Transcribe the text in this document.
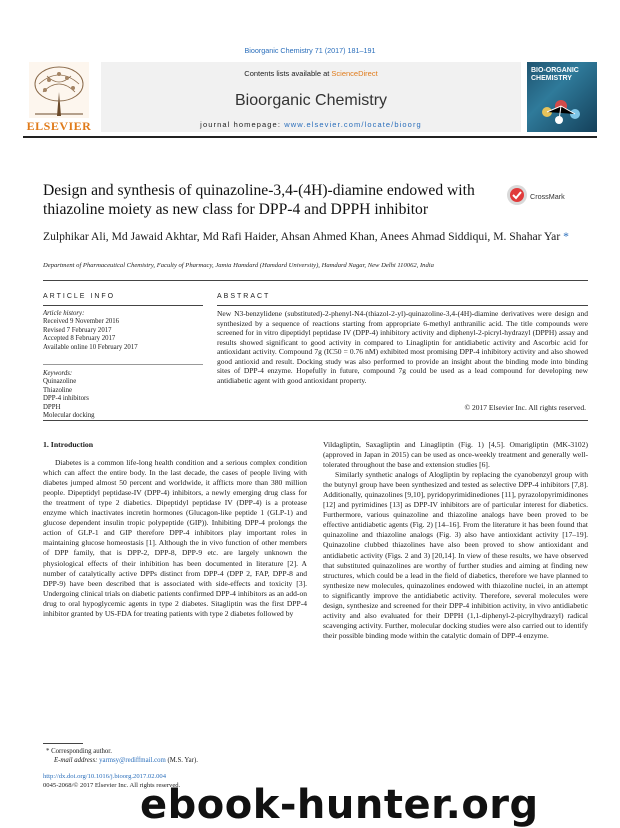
Bioorganic Chemistry 71 (2017) 181–191
ELSEVIER
Contents lists available at ScienceDirect
Bioorganic Chemistry
journal homepage: www.elsevier.com/locate/bioorg
BIO-ORGANIC CHEMISTRY
Design and synthesis of quinazoline-3,4-(4H)-diamine endowed with thiazoline moiety as new class for DPP-4 and DPPH inhibitor
CrossMark
Zulphikar Ali, Md Jawaid Akhtar, Md Rafi Haider, Ahsan Ahmed Khan, Anees Ahmad Siddiqui, M. Shahar Yar *
Department of Pharmaceutical Chemistry, Faculty of Pharmacy, Jamia Hamdard (Hamdard University), Hamdard Nagar, New Delhi 110062, India
ARTICLE INFO
Article history:
Received 9 November 2016
Revised 7 February 2017
Accepted 8 February 2017
Available online 10 February 2017
Keywords:
Quinazoline
Thiazoline
DPP-4 inhibitors
DPPH
Molecular docking
ABSTRACT
New N3-benzylidene (substituted)-2-phenyl-N4-(thiazol-2-yl)-quinazoline-3,4-(4H)-diamine derivatives were design and synthesized by a sequence of reactions starting from appropriate 6-methyl anthranilic acid. The title compounds were screened for in vitro dipeptidyl peptidase IV (DPP-4) inhibitory activity and diphenyl-2-picryl-hydrazyl (DPPH) assay and results showed significant to good activity in compared to Linagliptin for antidiabetic activity and Ascorbic acid for antioxidant activity. Compound 7g (IC50 = 0.76 nM) exhibited most promising DPP-4 inhibitory activity and also showed good antioxid and result. Docking study was also performed to provide an insight about the binding mode into binding sites of DPP-4 enzyme. Hopefully in future, compound 7g could be used as a lead compound for developing new antidiabetic agent with good antioxidant property.
© 2017 Elsevier Inc. All rights reserved.
1. Introduction

Diabetes is a common life-long health condition and a serious complex condition which can affect the entire body. In the last decade, the cases of people living with diabetes jumped almost 50 percent and worldwide, it afflicts more than 380 million people. Dipeptidyl peptidase-IV (DPP-4) inhibitors, a newly emerging drug class for the treatment of type 2 diabetics. Dipeptidyl peptidase IV (DPP-4) is a protease enzyme which inactivates incretin hormones (Glucagon-like peptide 1 (GLP-1) and glucose dependent insulin tropic polypeptide (GIP)). Inhibiting DPP-4 prolongs the action of GLP-1 and GIP therefore DPP-4 inhibitors play important roles in maintaining glucose homeostasis [1]. Although the in vivo function of other members of DPP family, that is DPP-2, DPP-8, DPP-9 etc. are largely unknown the physiological effects of their inhibition has been documented in literature [2]. A number of catalytically active DPPs distinct from DPP-4 (DPP 2, FAP, DPP-8 and DPP-9) have been described that is associated with side-effects and toxicity [3]. Undergoing clinical trials on diabetic patients confirmed DPP-4 inhibitors as an add-on drug to oral hypoglycemic agents in type 2 diabetes. Sitagliptin was the first DPP-4 inhibitor granted by US-FDA for treating patients with type 2 diabetes followed by

Vildagliptin, Saxagliptin and Linagliptin (Fig. 1) [4,5]. Omarigliptin (MK-3102) (approved in Japan in 2015) can be used as once-weekly treatment and generally well-tolerated throughout the base and extension studies [6].

Similarly synthetic analogs of Alogliptin by replacing the cyanobenzyl group with the butynyl group have been synthesized and tested as selective DPP-4 inhibitors [7,8]. Additionally, quinazolines [9,10], pyridopyrimidinediones [11], pyrazolopyrimidinones [12] and pyrimidines [13] as DPP-IV inhibitors are of particular interest for diabetics. Furthermore, various quinazoline and thiazoline analogs have been proved to be effective antidiabetic agents (Fig. 2) [14–16]. From the literature it has been found that quinazoline and thiazoline analogs (Fig. 3) also have antioxidant activity [17–19]. Quinazoline clubbed thiazolines have also been proved to show antioxidant and antidiabetic activity (Figs. 2 and 3) [20,14]. In view of these results, we have observed that substituted quinazolines are worthy of further studies and aiming at finding new structures, which could be a lead in the field of diabetics, therefore we have planned to synthesize new molecules, quinazolines endowed with thiazoline nuclei, in an attempt to significantly improve the antidiabetic activity. Therefore, several molecules were design, synthesize and screened for their DPP-4 inhibition activity, in vivo antidiabetic activity and also evaluated for their DPPH (1,1-diphenyl-2-picrylhydrazyl) radical scavenging activity. Further, molecular docking studies were also carried out to identify their possible binding mode within the catalytic domain of DPP-4 enzyme.

* Corresponding author.
E-mail address: yarmsy@rediffmail.com (M.S. Yar).
http://dx.doi.org/10.1016/j.bioorg.2017.02.004
0045-2068/© 2017 Elsevier Inc. All rights reserved.
ebook-hunter.org
